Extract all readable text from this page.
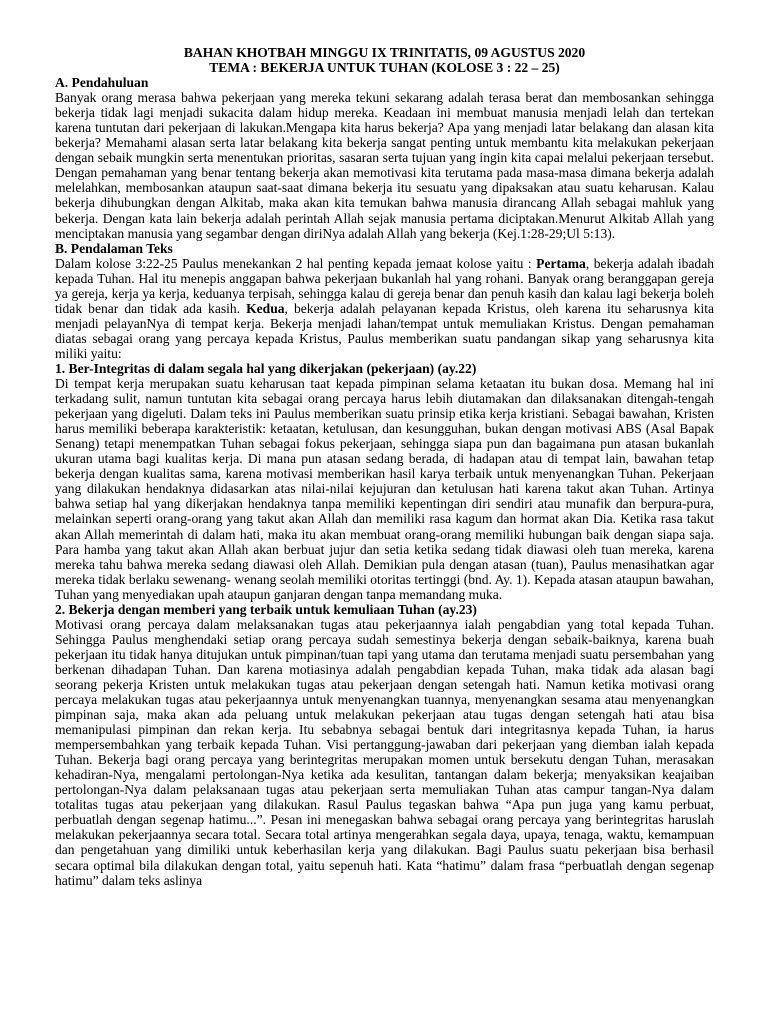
BAHAN KHOTBAH MINGGU IX TRINITATIS, 09 AGUSTUS 2020
TEMA : BEKERJA UNTUK TUHAN (KOLOSE 3 : 22 – 25)
A. Pendahuluan

Banyak orang merasa bahwa pekerjaan yang mereka tekuni sekarang adalah terasa berat dan membosankan sehingga bekerja tidak lagi menjadi sukacita dalam hidup mereka. Keadaan ini membuat manusia menjadi lelah dan tertekan karena tuntutan dari pekerjaan di lakukan.Mengapa kita harus bekerja? Apa yang menjadi latar belakang dan alasan kita bekerja? Memahami alasan serta latar belakang kita bekerja sangat penting untuk membantu kita melakukan pekerjaan dengan sebaik mungkin serta menentukan prioritas, sasaran serta tujuan yang ingin kita capai melalui pekerjaan tersebut. Dengan pemahaman yang benar tentang bekerja akan memotivasi kita terutama pada masa-masa dimana bekerja adalah melelahkan, membosankan ataupun saat-saat dimana bekerja itu sesuatu yang dipaksakan atau suatu keharusan. Kalau bekerja dihubungkan dengan Alkitab, maka akan kita temukan bahwa manusia dirancang Allah sebagai mahluk yang bekerja. Dengan kata lain bekerja adalah perintah Allah sejak manusia pertama diciptakan.Menurut Alkitab Allah yang menciptakan manusia yang segambar dengan diriNya adalah Allah yang bekerja (Kej.1:28-29;Ul 5:13).

B. Pendalaman Teks

Dalam kolose 3:22-25 Paulus menekankan 2 hal penting kepada jemaat kolose yaitu : Pertama, bekerja adalah ibadah kepada Tuhan. Hal itu menepis anggapan bahwa pekerjaan bukanlah hal yang rohani. Banyak orang beranggapan gereja ya gereja, kerja ya kerja, keduanya terpisah, sehingga kalau di gereja benar dan penuh kasih dan kalau lagi bekerja boleh tidak benar dan tidak ada kasih. Kedua, bekerja adalah pelayanan kepada Kristus, oleh karena itu seharusnya kita menjadi pelayanNya di tempat kerja. Bekerja menjadi lahan/tempat untuk memuliakan Kristus. Dengan pemahaman diatas sebagai orang yang percaya kepada Kristus, Paulus memberikan suatu pandangan sikap yang seharusnya kita miliki yaitu:

1. Ber-Integritas di dalam segala hal yang dikerjakan (pekerjaan) (ay.22)

Di tempat kerja merupakan suatu keharusan taat kepada pimpinan selama ketaatan itu bukan dosa. Memang hal ini terkadang sulit, namun tuntutan kita sebagai orang percaya harus lebih diutamakan dan dilaksanakan ditengah-tengah pekerjaan yang digeluti. Dalam teks ini Paulus memberikan suatu prinsip etika kerja kristiani. Sebagai bawahan, Kristen harus memiliki beberapa karakteristik: ketaatan, ketulusan, dan kesungguhan, bukan dengan motivasi ABS (Asal Bapak Senang) tetapi menempatkan Tuhan sebagai fokus pekerjaan, sehingga siapa pun dan bagaimana pun atasan bukanlah ukuran utama bagi kualitas kerja. Di mana pun atasan sedang berada, di hadapan atau di tempat lain, bawahan tetap bekerja dengan kualitas sama, karena motivasi memberikan hasil karya terbaik untuk menyenangkan Tuhan. Pekerjaan yang dilakukan hendaknya didasarkan atas nilai-nilai kejujuran dan ketulusan hati karena takut akan Tuhan. Artinya bahwa setiap hal yang dikerjakan hendaknya tanpa memiliki kepentingan diri sendiri atau munafik dan berpura-pura, melainkan seperti orang-orang yang takut akan Allah dan memiliki rasa kagum dan hormat akan Dia. Ketika rasa takut akan Allah memerintah di dalam hati, maka itu akan membuat orang-orang memiliki hubungan baik dengan siapa saja. Para hamba yang takut akan Allah akan berbuat jujur dan setia ketika sedang tidak diawasi oleh tuan mereka, karena mereka tahu bahwa mereka sedang diawasi oleh Allah. Demikian pula dengan atasan (tuan), Paulus menasihatkan agar mereka tidak berlaku sewenang- wenang seolah memiliki otoritas tertinggi (bnd. Ay. 1). Kepada atasan ataupun bawahan, Tuhan yang menyediakan upah ataupun ganjaran dengan tanpa memandang muka.

2. Bekerja dengan memberi yang terbaik untuk kemuliaan Tuhan (ay.23)

Motivasi orang percaya dalam melaksanakan tugas atau pekerjaannya ialah pengabdian yang total kepada Tuhan. Sehingga Paulus menghendaki setiap orang percaya sudah semestinya bekerja dengan sebaik-baiknya, karena buah pekerjaan itu tidak hanya ditujukan untuk pimpinan/tuan tapi yang utama dan terutama menjadi suatu persembahan yang berkenan dihadapan Tuhan. Dan karena motiasinya adalah pengabdian kepada Tuhan, maka tidak ada alasan bagi seorang pekerja Kristen untuk melakukan tugas atau pekerjaan dengan setengah hati. Namun ketika motivasi orang percaya melakukan tugas atau pekerjaannya untuk menyenangkan tuannya, menyenangkan sesama atau menyenangkan pimpinan saja, maka akan ada peluang untuk melakukan pekerjaan atau tugas dengan setengah hati atau bisa memanipulasi pimpinan dan rekan kerja. Itu sebabnya sebagai bentuk dari integritasnya kepada Tuhan, ia harus mempersembahkan yang terbaik kepada Tuhan. Visi pertanggung-jawaban dari pekerjaan yang diemban ialah kepada Tuhan. Bekerja bagi orang percaya yang berintegritas merupakan momen untuk bersekutu dengan Tuhan, merasakan kehadiran-Nya, mengalami pertolongan-Nya ketika ada kesulitan, tantangan dalam bekerja; menyaksikan keajaiban pertolongan-Nya dalam pelaksanaan tugas atau pekerjaan serta memuliakan Tuhan atas campur tangan-Nya dalam totalitas tugas atau pekerjaan yang dilakukan. Rasul Paulus tegaskan bahwa “Apa pun juga yang kamu perbuat, perbuatlah dengan segenap hatimu...”. Pesan ini menegaskan bahwa sebagai orang percaya yang berintegritas haruslah melakukan pekerjaannya secara total. Secara total artinya mengerahkan segala daya, upaya, tenaga, waktu, kemampuan dan pengetahuan yang dimiliki untuk keberhasilan kerja yang dilakukan. Bagi Paulus suatu pekerjaan bisa berhasil secara optimal bila dilakukan dengan total, yaitu sepenuh hati. Kata “hatimu” dalam frasa “perbuatlah dengan segenap hatimu” dalam teks aslinya
